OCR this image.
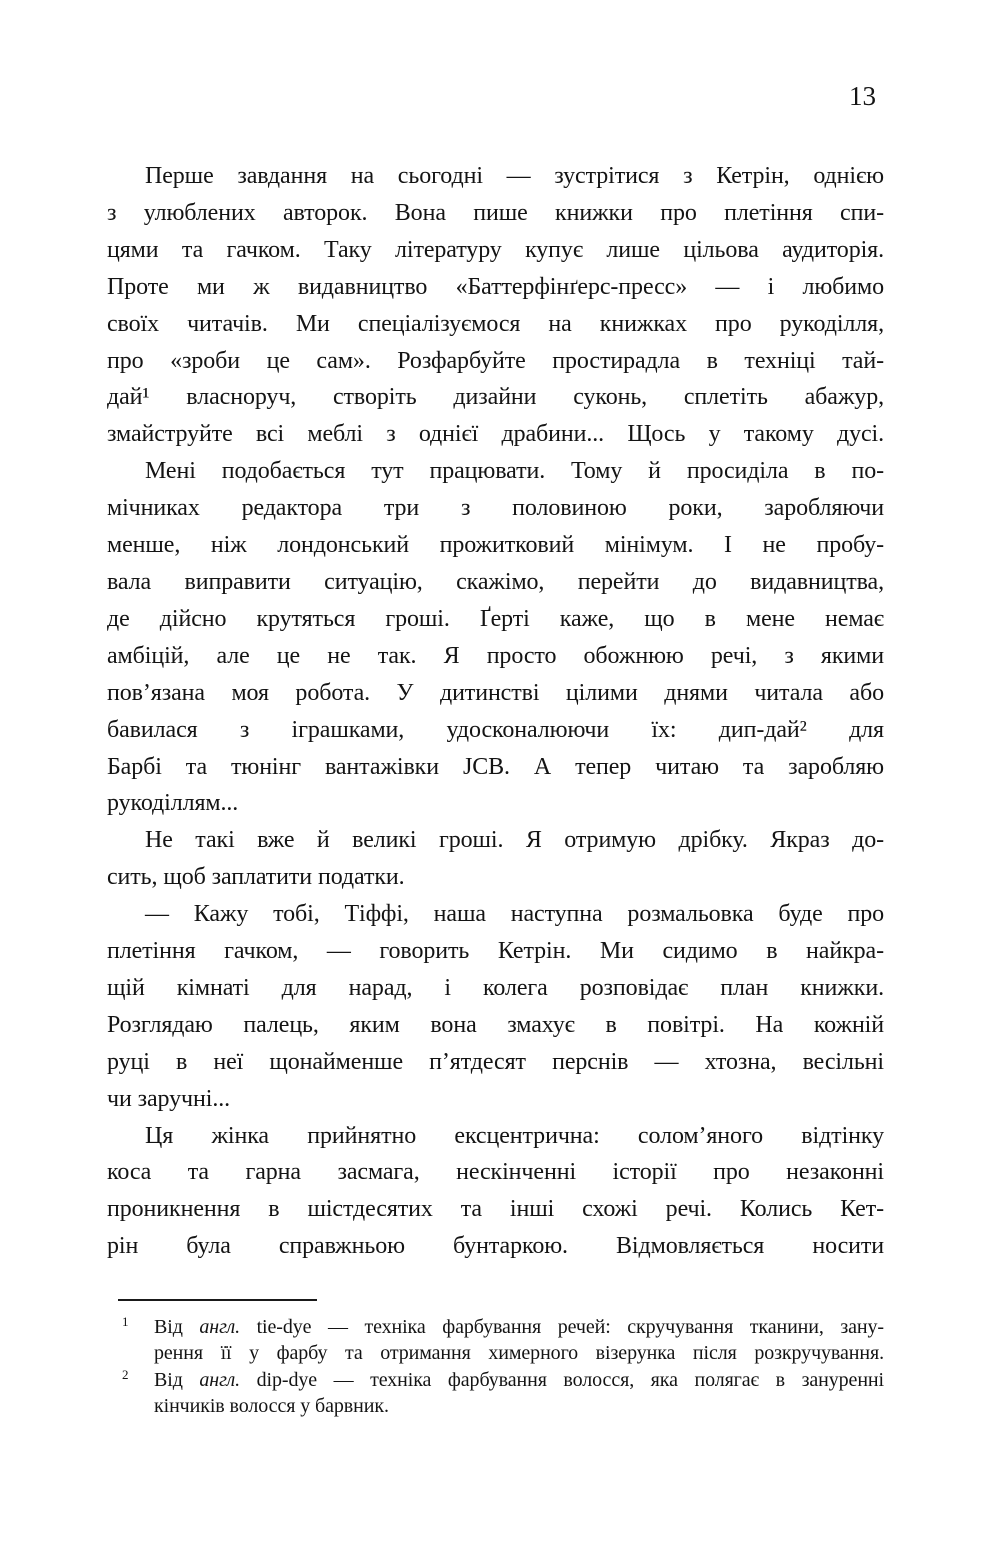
13
Перше завдання на сьогодні — зустрітися з Кетрін, однією
з улюблених авторок. Вона пише книжки про плетіння спи-
цями та гачком. Таку літературу купує лише цільова аудиторія.
Проте ми ж видавництво «Баттерфінґерс-пресс» — і любимо
своїх читачів. Ми спеціалізуємося на книжках про рукоділля,
про «зроби це сам». Розфарбуйте простирадла в техніці тай-
дай¹ власноруч, створіть дизайни суконь, сплетіть абажур,
змайструйте всі меблі з однієї драбини... Щось у такому дусі.
Мені подобається тут працювати. Тому й просиділа в по-
мічниках редактора три з половиною роки, заробляючи
менше, ніж лондонський прожитковий мінімум. І не пробу-
вала виправити ситуацію, скажімо, перейти до видавництва,
де дійсно крутяться гроші. Ґерті каже, що в мене немає
амбіцій, але це не так. Я просто обожнюю речі, з якими
пов’язана моя робота. У дитинстві цілими днями читала або
бавилася з іграшками, удосконалюючи їх: дип-дай² для
Барбі та тюнінг вантажівки JCB. А тепер читаю та заробляю
рукоділлям...
Не такі вже й великі гроші. Я отримую дрібку. Якраз до-
сить, щоб заплатити податки.
— Кажу тобі, Тіффі, наша наступна розмальовка буде про
плетіння гачком, — говорить Кетрін. Ми сидимо в найкра-
щій кімнаті для нарад, і колега розповідає план книжки.
Розглядаю палець, яким вона змахує в повітрі. На кожній
руці в неї щонайменше п’ятдесят перснів — хтозна, весільні
чи заручні...
Ця жінка прийнятно ексцентрична: солом’яного відтінку
коса та гарна засмага, нескінченні історії про незаконні
проникнення в шістдесятих та інші схожі речі. Колись Кет-
рін була справжньою бунтаркою. Відмовляється носити
1 Від англ. tie-dye — техніка фарбування речей: скручування тканини, зану-
рення її у фарбу та отримання химерного візерунка після розкручування.
2 Від англ. dip-dye — техніка фарбування волосся, яка полягає в зануренні
кінчиків волосся у барвник.
